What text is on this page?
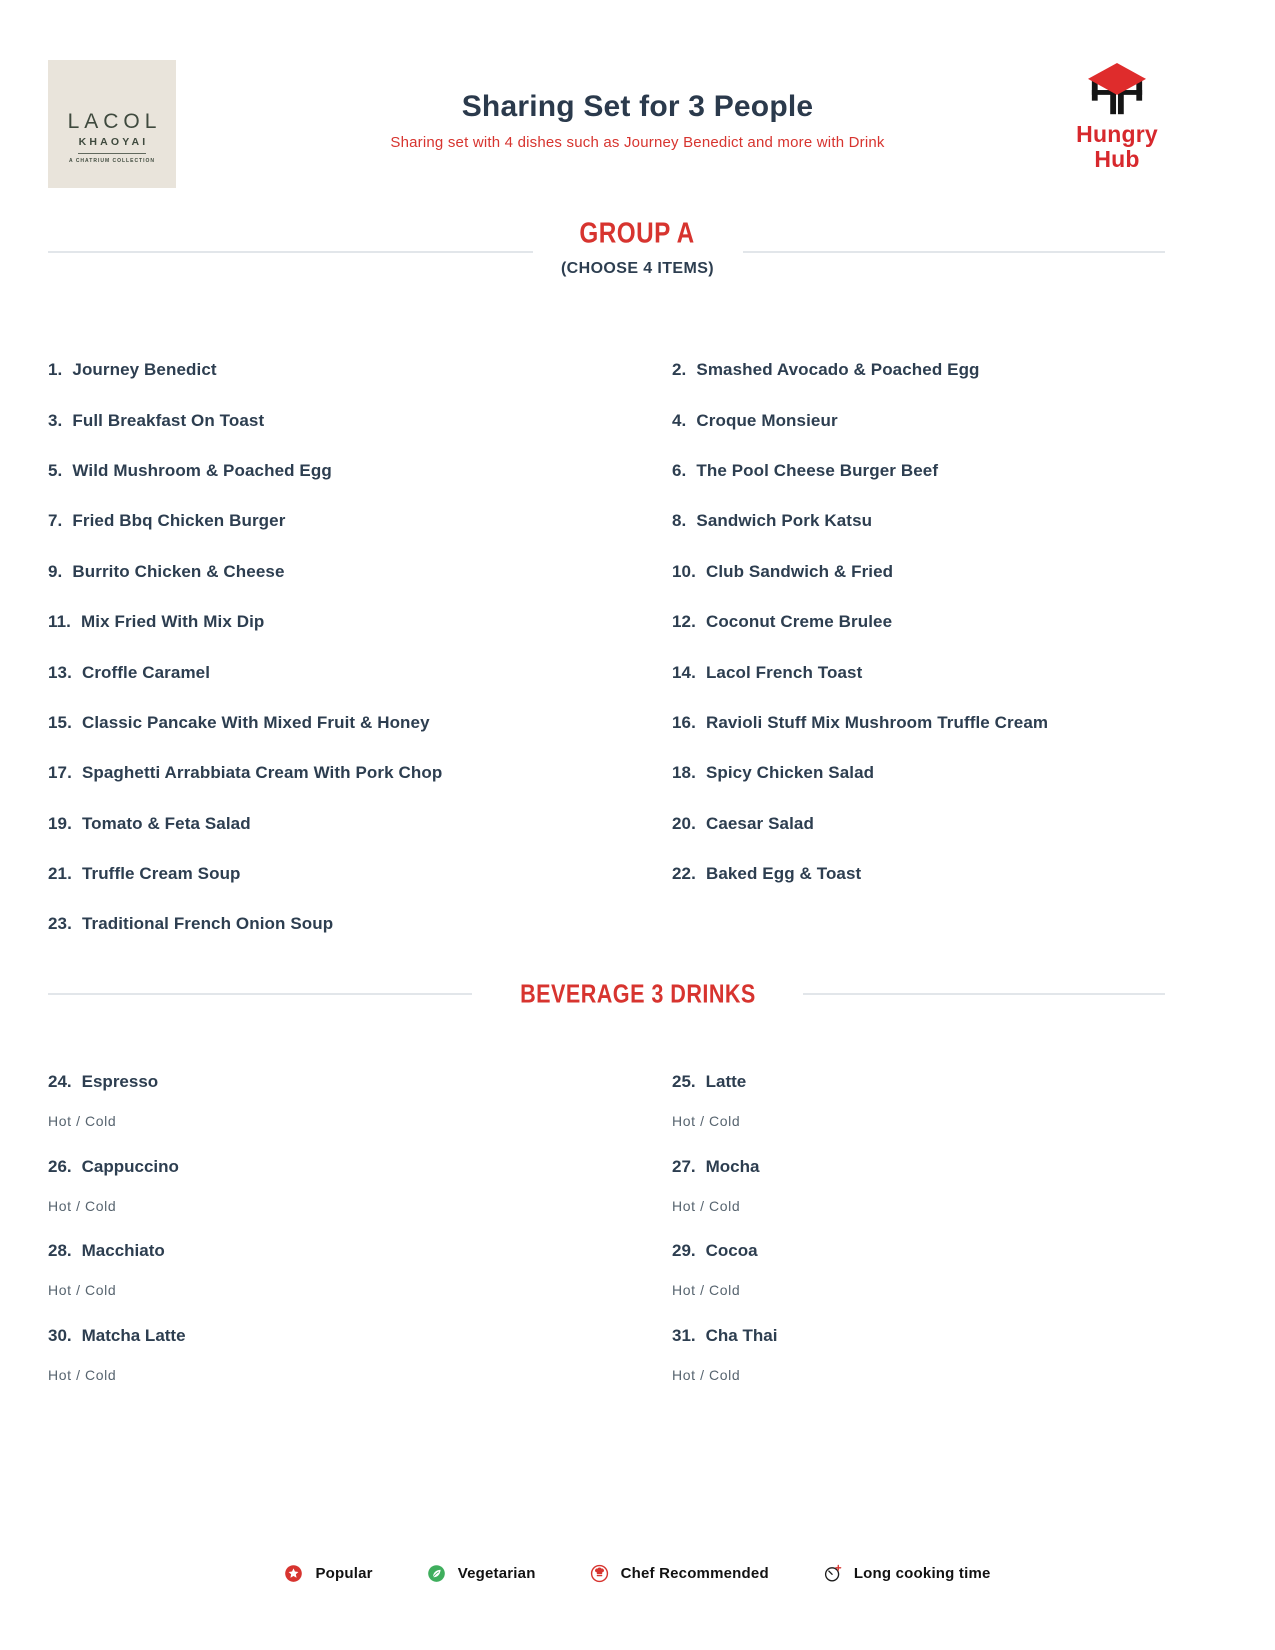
LACOL
KHAOYAI
A CHATRIUM COLLECTION
Sharing Set for 3 People
Sharing set with 4 dishes such as Journey Benedict and more with Drink	Hungry
Hub
GROUP A
(CHOOSE 4 ITEMS)
1. Journey Benedict	2. Smashed Avocado & Poached Egg
3. Full Breakfast On Toast	4. Croque Monsieur
5. Wild Mushroom & Poached Egg	6. The Pool Cheese Burger Beef
7. Fried Bbq Chicken Burger	8. Sandwich Pork Katsu
9. Burrito Chicken & Cheese	10. Club Sandwich & Fried
11. Mix Fried With Mix Dip	12. Coconut Creme Brulee
13. Croffle Caramel	14. Lacol French Toast
15. Classic Pancake With Mixed Fruit & Honey	16. Ravioli Stuff Mix Mushroom Truffle Cream
17. Spaghetti Arrabbiata Cream With Pork Chop	18. Spicy Chicken Salad
19. Tomato & Feta Salad	20. Caesar Salad
21. Truffle Cream Soup	22. Baked Egg & Toast
23. Traditional French Onion Soup
BEVERAGE 3 DRINKS
24. Espresso
Hot / Cold
25. Latte
Hot / Cold
26. Cappuccino
Hot / Cold
27. Mocha
Hot / Cold
28. Macchiato
Hot / Cold
29. Cocoa
Hot / Cold
30. Matcha Latte
Hot / Cold
31. Cha Thai
Hot / Cold
Popular	Vegetarian	Chef Recommended	Long cooking time
